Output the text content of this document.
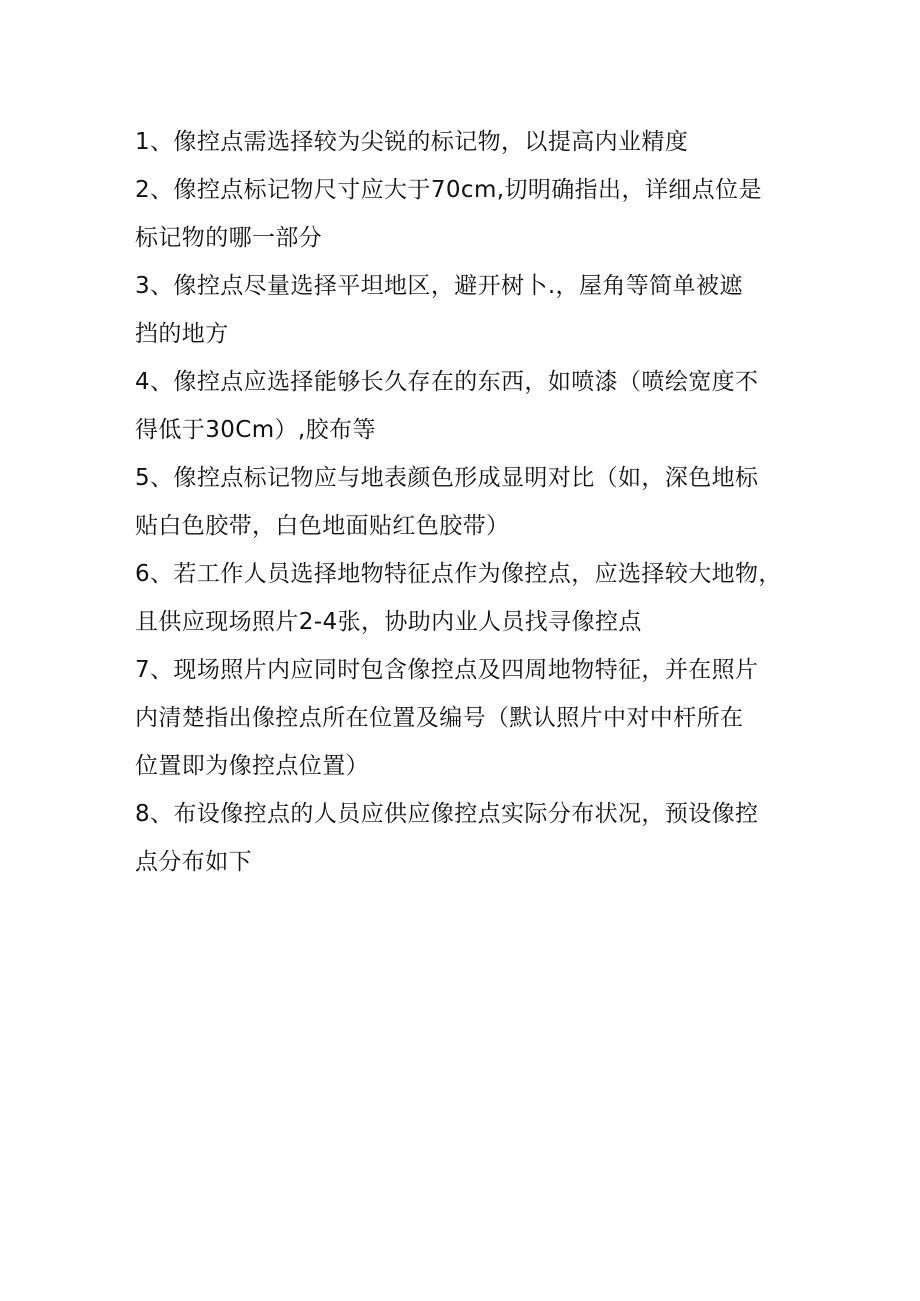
1、像控点需选择较为尖锐的标记物，以提高内业精度

2、像控点标记物尺寸应大于70cm,切明确指出，详细点位是
标记物的哪一部分

3、像控点尽量选择平坦地区，避开树卜.，屋角等简单被遮
挡的地方

4、像控点应选择能够长久存在的东西，如喷漆（喷绘宽度不
得低于30Cm）,胶布等

5、像控点标记物应与地表颜色形成显明对比（如，深色地标
贴白色胶带，白色地面贴红色胶带）

6、若工作人员选择地物特征点作为像控点，应选择较大地物，
且供应现场照片2-4张，协助内业人员找寻像控点

7、现场照片内应同时包含像控点及四周地物特征，并在照片
内清楚指出像控点所在位置及编号（默认照片中对中杆所在
位置即为像控点位置）

8、布设像控点的人员应供应像控点实际分布状况，预设像控
点分布如下
